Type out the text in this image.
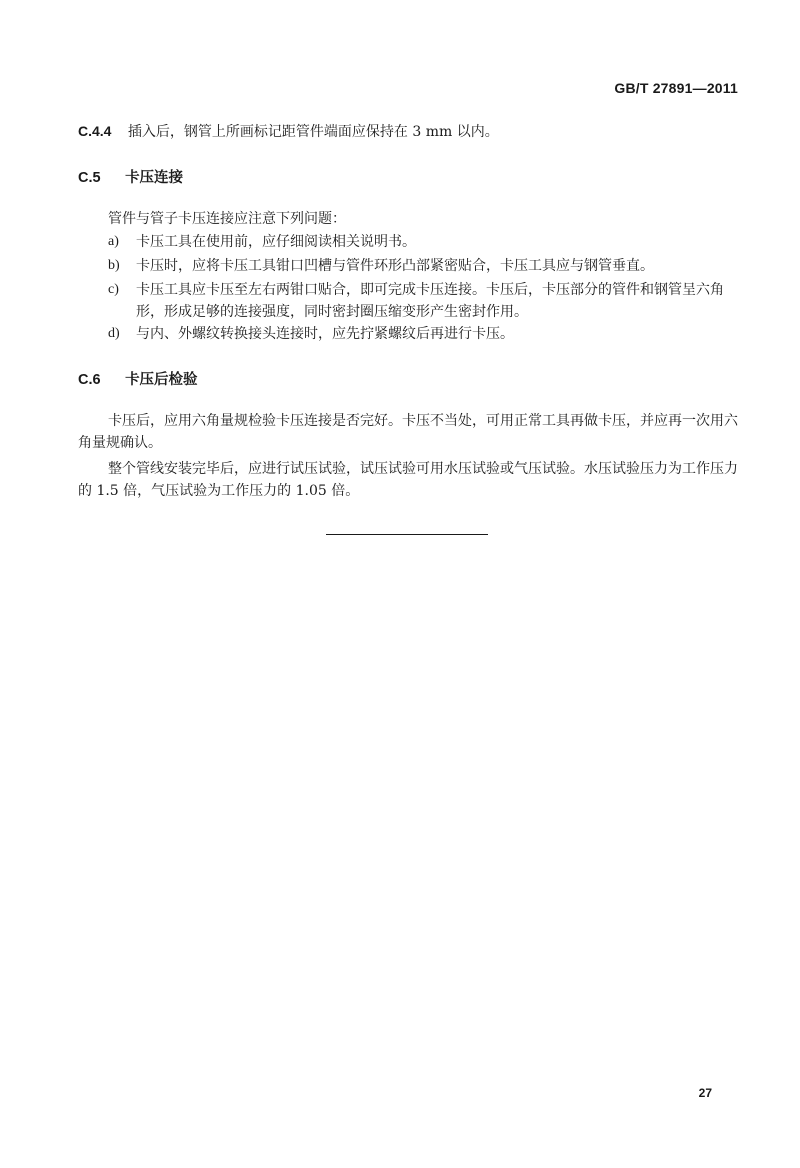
GB/T 27891—2011
C.4.4 插入后，钢管上所画标记距管件端面应保持在 3 mm 以内。
C.5 卡压连接
管件与管子卡压连接应注意下列问题：
a) 卡压工具在使用前，应仔细阅读相关说明书。
b) 卡压时，应将卡压工具钳口凹槽与管件环形凸部紧密贴合，卡压工具应与钢管垂直。
c) 卡压工具应卡压至左右两钳口贴合，即可完成卡压连接。卡压后，卡压部分的管件和钢管呈六角形，形成足够的连接强度，同时密封圈压缩变形产生密封作用。
d) 与内、外螺纹转换接头连接时，应先拧紧螺纹后再进行卡压。
C.6 卡压后检验
卡压后，应用六角量规检验卡压连接是否完好。卡压不当处，可用正常工具再做卡压，并应再一次用六角量规确认。
整个管线安装完毕后，应进行试压试验，试压试验可用水压试验或气压试验。水压试验压力为工作压力的 1.5 倍，气压试验为工作压力的 1.05 倍。
27
